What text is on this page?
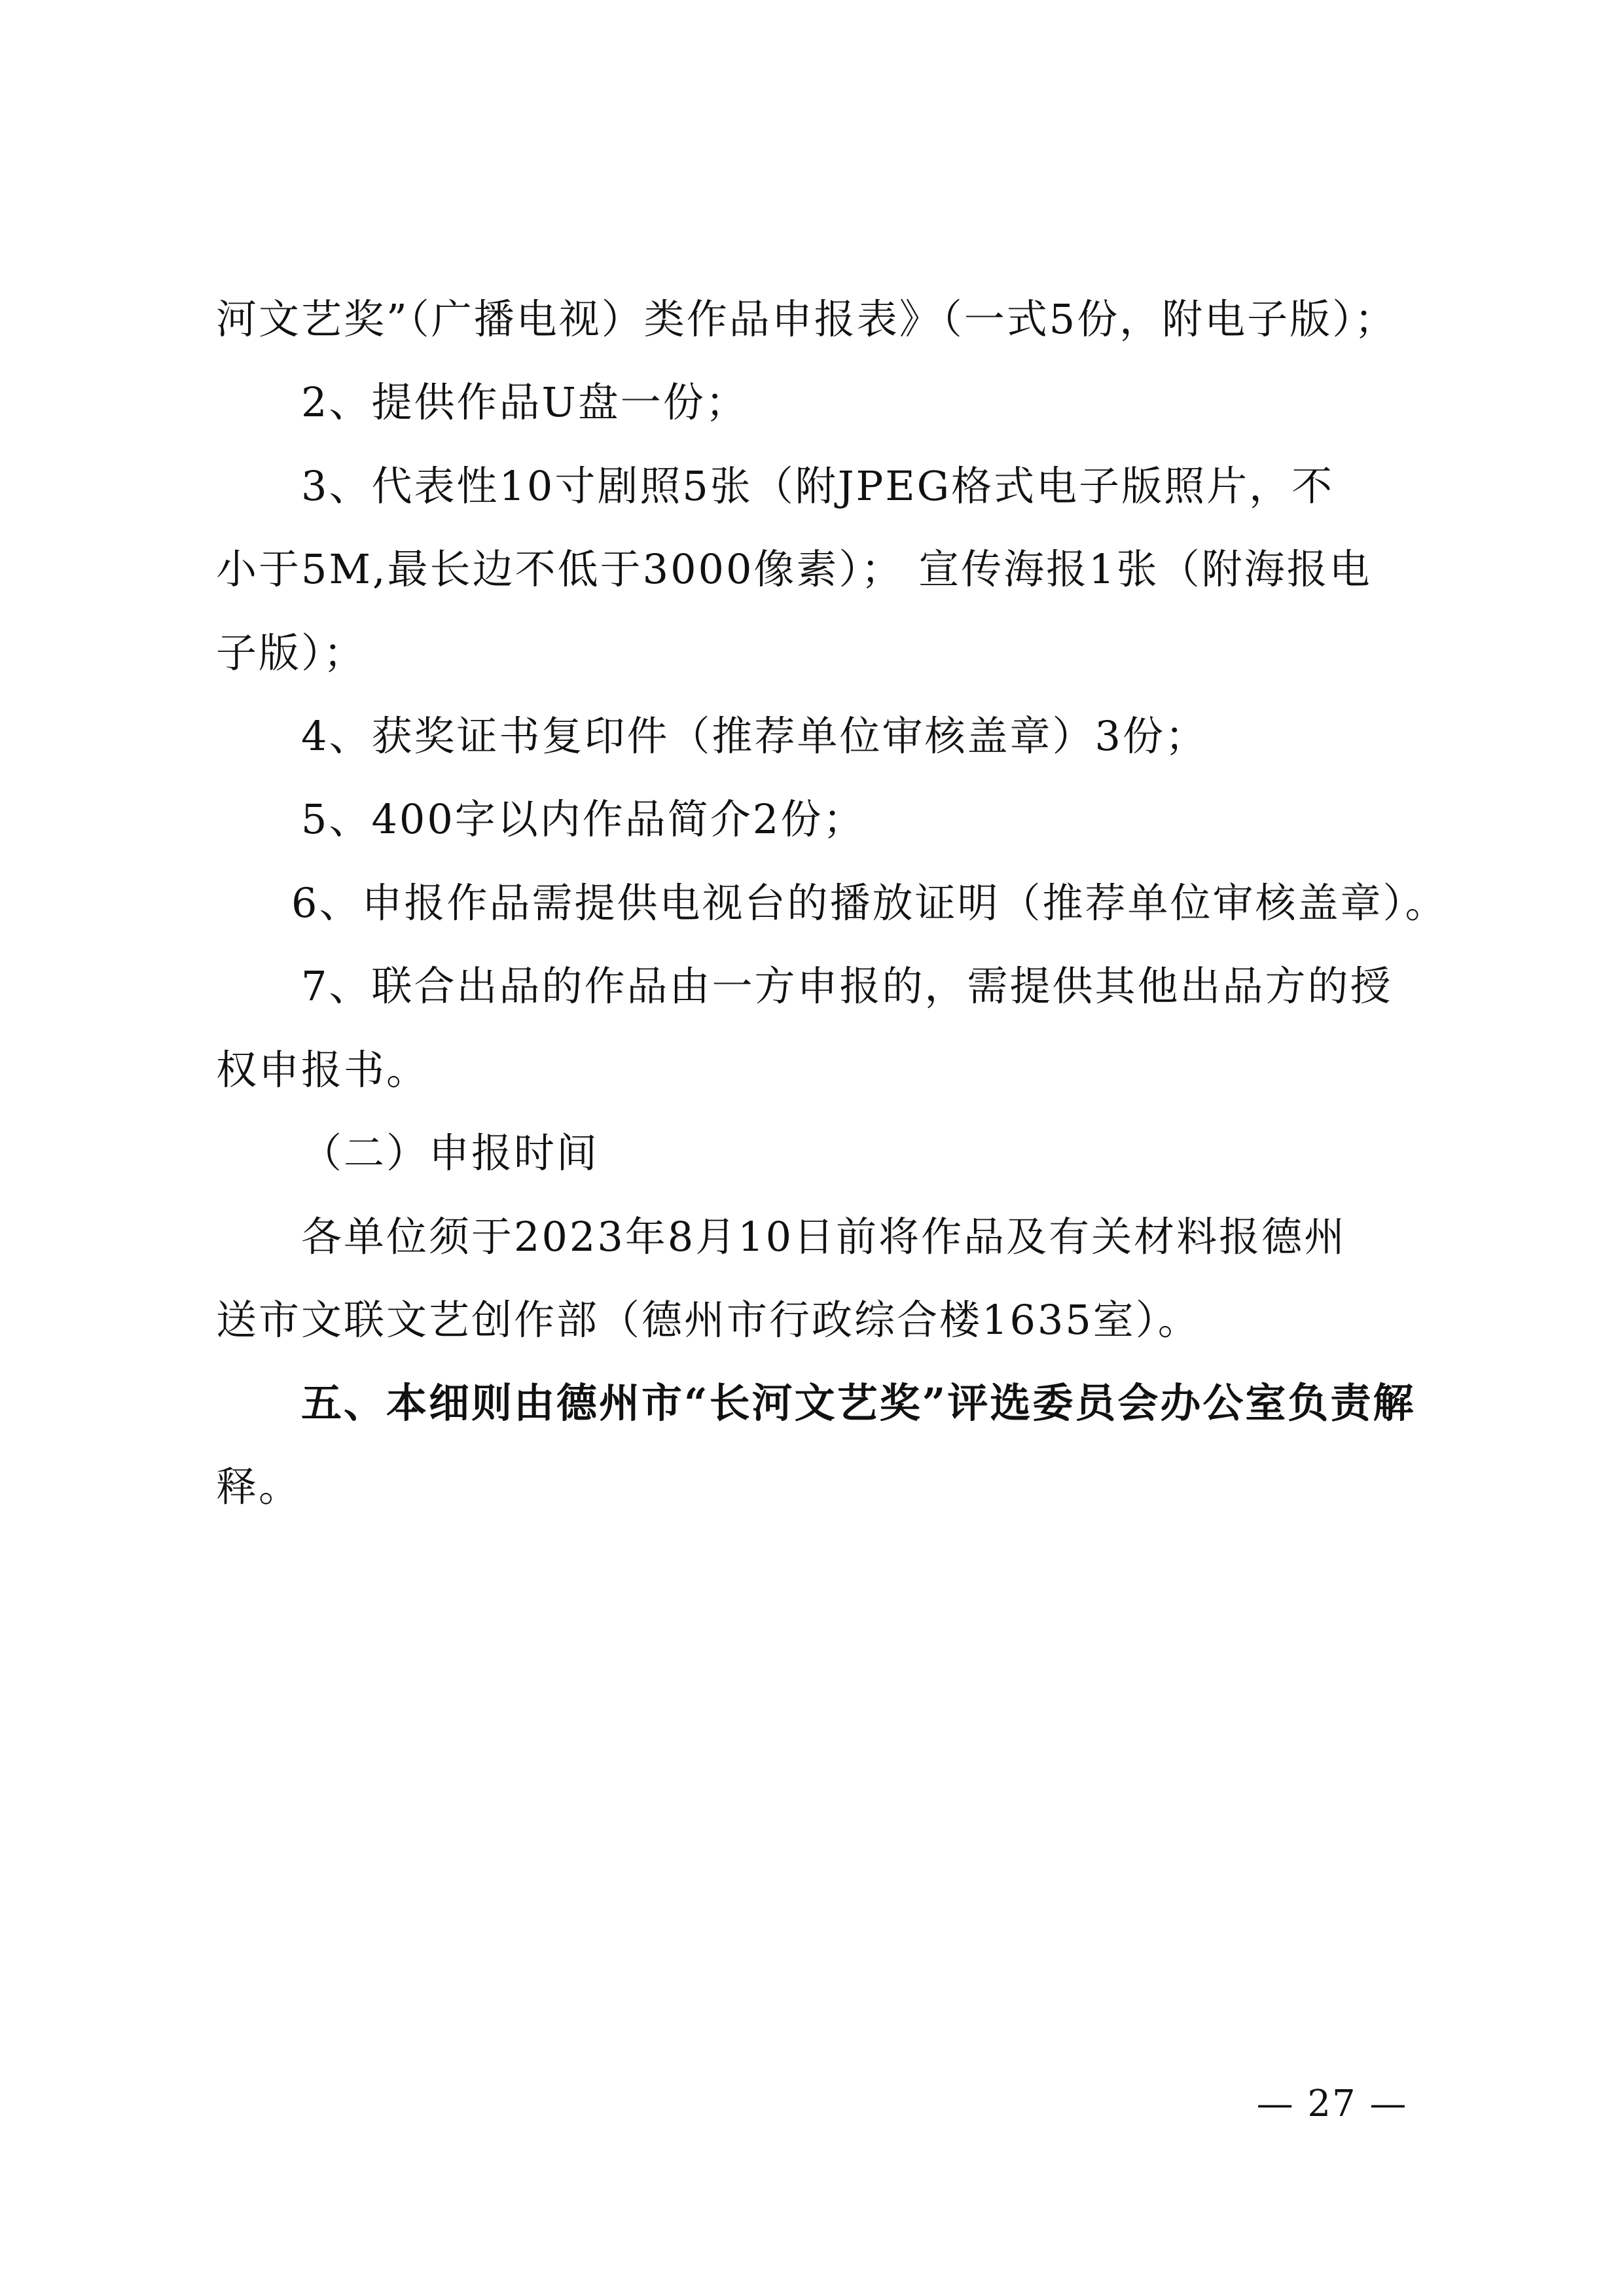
河文艺奖”（广播电视）类作品申报表》（一式5份，附电子版）；
2、提供作品U盘一份；
3、代表性10寸剧照5张（附JPEG格式电子版照片，不
小于5M,最长边不低于3000像素）； 宣传海报1张（附海报电
子版）；
4、获奖证书复印件（推荐单位审核盖章）3份；
5、400字以内作品简介2份；
6、申报作品需提供电视台的播放证明（推荐单位审核盖章）。
7、联合出品的作品由一方申报的，需提供其他出品方的授
权申报书。
（二）申报时间
各单位须于2023年8月10日前将作品及有关材料报德州
送市文联文艺创作部（德州市行政综合楼1635室）。
五、本细则由德州市“长河文艺奖”评选委员会办公室负责解
释。
— 27 —
